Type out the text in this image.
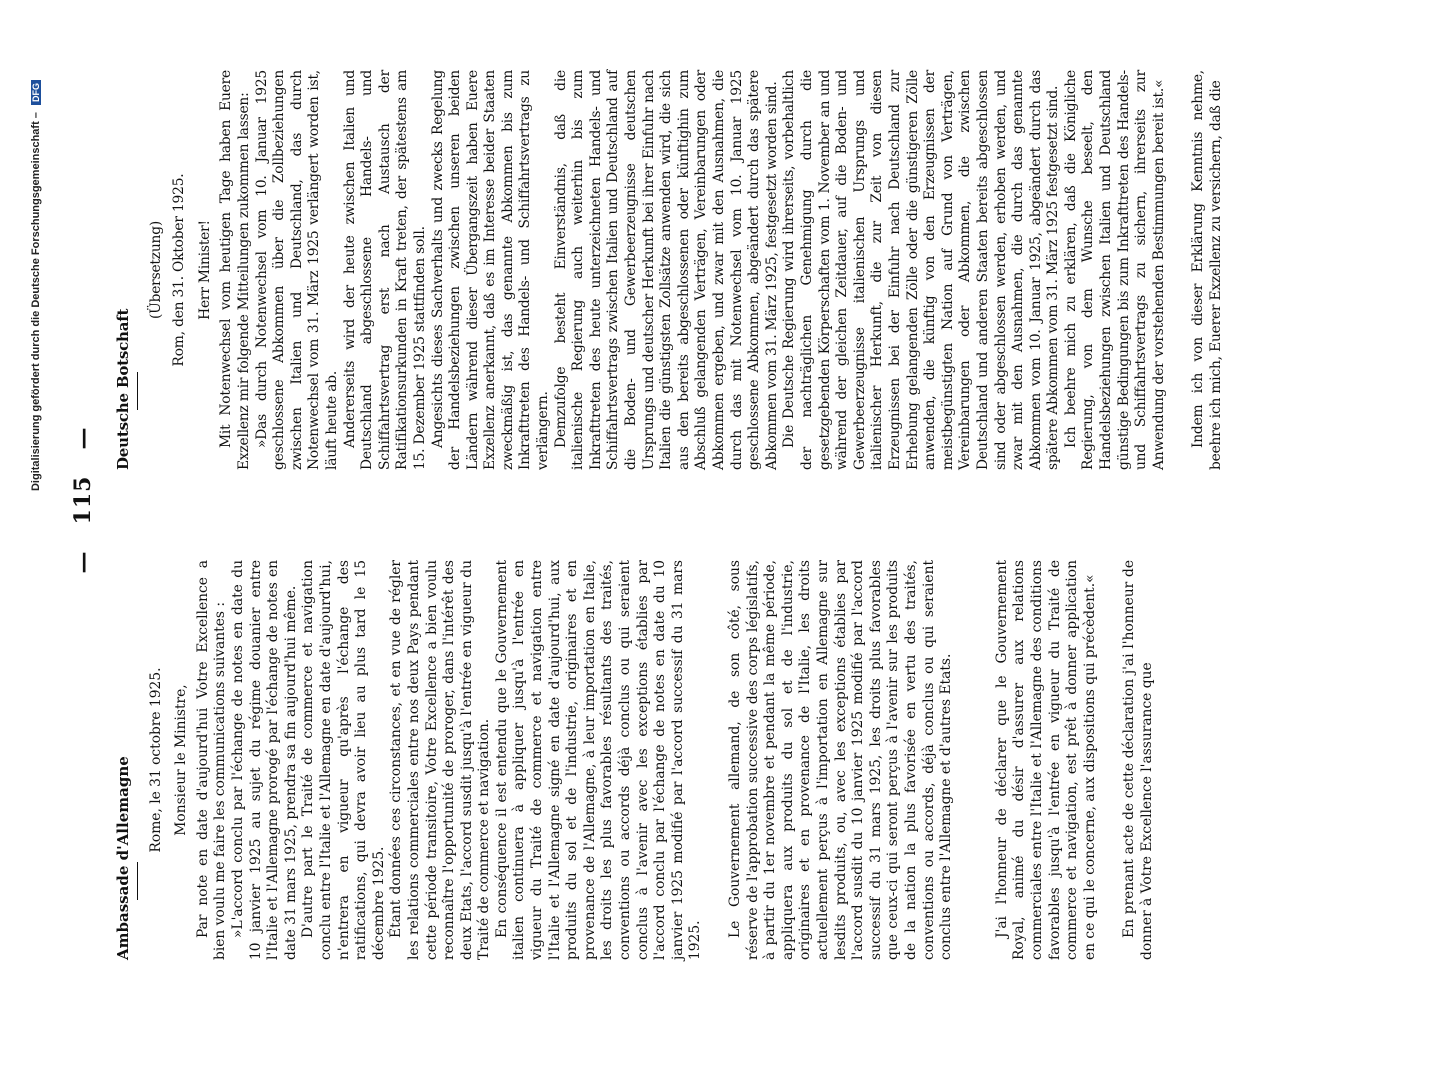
Digitalisierung gefördert durch die Deutsche Forschungsgemeinschaft – DFG
—   115   —
Ambassade d'Allemagne Rome, le 31 octobre 1925. Monsieur le Ministre, Par note en date d'aujourd'hui Votre Excellence a bien voulu me faire les communications suivantes : »L'accord conclu par l'échange de notes en date du 10 janvier 1925 au sujet du régime douanier entre l'Italie et l'Allemagne prorogé par l'échange de notes en date 31 mars 1925, prendra sa fin aujourd'hui même. D'autre part le Traité de commerce et navigation conclu entre l'Italie et l'Allemagne en date d'aujourd'hui, n'entrera en vigueur qu'après l'échange des ratifications, qui devra avoir lieu au plus tard le 15 décembre 1925. Étant données ces circonstances, et en vue de régler les relations commerciales entre nos deux Pays pendant cette période transitoire, Votre Excellence a bien voulu reconnaître l'opportunité de proroger, dans l'intérêt des deux Etats, l'accord susdit jusqu'à l'entrée en vigueur du Traité de commerce et navigation. En conséquence il est entendu que le Gouvernement italien continuera à appliquer jusqu'à l'entrée en vigueur du Traité de commerce et navigation entre l'Italie et l'Allemagne signé en date d'aujourd'hui, aux produits du sol et de l'industrie, originaires et en provenance de l'Allemagne, à leur importation en Italie, les droits les plus favorables résultants des traités, conventions ou accords déjà conclus ou qui seraient conclus à l'avenir avec les exceptions établies par l'accord conclu par l'échange de notes en date du 10 janvier 1925 modifié par l'accord successif du 31 mars 1925.

Le Gouvernement allemand, de son côté, sous réserve de l'approbation successive des corps législatifs, à partir du 1er novembre et pendant la même période, appliquera aux produits du sol et de l'industrie, originaires et en provenance de l'Italie, les droits actuellement perçus à l'importation en Allemagne sur lesdits produits, ou, avec les exceptions établies par l'accord susdit du 10 janvier 1925 modifié par l'accord successif du 31 mars 1925, les droits plus favorables que ceux-ci qui seront perçus à l'avenir sur les produits de la nation la plus favorisée en vertu des traités, conventions ou accords, déjà conclus ou qui seraient conclus entre l'Allemagne et d'autres Etats.	J'ai l'honneur de déclarer que le Gouvernement Royal, animé du désir d'assurer aux relations commerciales entre l'Italie et l'Allemagne des conditions favorables jusqu'à l'entrée en vigueur du Traité de commerce et navigation, est prêt à donner application en ce qui le concerne, aux dispositions qui précèdent.« En prenant acte de cette déclaration j'ai l'honneur de donner à Votre Excellence l'assurance que

Deutsche Botschaft
(Übersetzung) Rom, den 31. Oktober 1925. Herr Minister! Mit Notenwechsel vom heutigen Tage haben Euere Exzellenz mir folgende Mitteilungen zukommen lassen: »Das durch Notenwechsel vom 10. Januar 1925 geschlossene Abkommen über die Zollbeziehungen zwischen Italien und Deutschland, das durch Notenwechsel vom 31. März 1925 verlängert worden ist, läuft heute ab. Andererseits wird der heute zwischen Italien und Deutschland abgeschlossene Handels- und Schiffahrtsvertrag erst nach Austausch der Ratifikationsurkunden in Kraft treten, der spätestens am 15. Dezember 1925 stattfinden soll. Angesichts dieses Sachverhalts und zwecks Regelung der Handelsbeziehungen zwischen unseren beiden Ländern während dieser Übergangszeit haben Euere Exzellenz anerkannt, daß es im Interesse beider Staaten zweckmäßig ist, das genannte Abkommen bis zum Inkrafttreten des Handels- und Schiffahrtsvertrags zu verlängern. Demzufolge besteht Einverständnis, daß die italienische Regierung auch weiterhin bis zum Inkrafttreten des heute unterzeichneten Handels- und Schiffahrtsvertrags zwischen Italien und Deutschland auf die Boden- und Gewerbeerzeugnisse deutschen Ursprungs und deutscher Herkunft bei ihrer Einfuhr nach Italien die günstigsten Zollsätze anwenden wird, die sich aus den bereits abgeschlossenen oder künftighin zum Abschluß gelangenden Verträgen, Vereinbarungen oder Abkommen ergeben, und zwar mit den Ausnahmen, die durch das mit Notenwechsel vom 10. Januar 1925 geschlossene Abkommen, abgeändert durch das spätere Abkommen vom 31. März 1925, festgesetzt worden sind. Die Deutsche Regierung wird ihrerseits, vorbehaltlich der nachträglichen Genehmigung durch die gesetzgebenden Körperschaften vom 1. November an und während der gleichen Zeitdauer, auf die Boden- und Gewerbeerzeugnisse italienischen Ursprungs und italienischer Herkunft, die zur Zeit von diesen Erzeugnissen bei der Einfuhr nach Deutschland zur Erhebung gelangenden Zölle oder die günstigeren Zölle anwenden, die künftig von den Erzeugnissen der meistbegünstigten Nation auf Grund von Verträgen, Vereinbarungen oder Abkommen, die zwischen Deutschland und anderen Staaten bereits abgeschlossen sind oder abgeschlossen werden, erhoben werden, und zwar mit den Ausnahmen, die durch das genannte Abkommen vom 10. Januar 1925, abgeändert durch das spätere Abkommen vom 31. März 1925 festgesetzt sind. Ich beehre mich zu erklären, daß die Königliche Regierung, von dem Wunsche beseelt, den Handelsbeziehungen zwischen Italien und Deutschland günstige Bedingungen bis zum Inkrafttreten des Handels- und Schiffahrtsvertrags zu sichern, ihrerseits zur Anwendung der vorstehenden Bestimmungen bereit ist.« Indem ich von dieser Erklärung Kenntnis nehme, beehre ich mich, Euerer Exzellenz zu versichern, daß die
